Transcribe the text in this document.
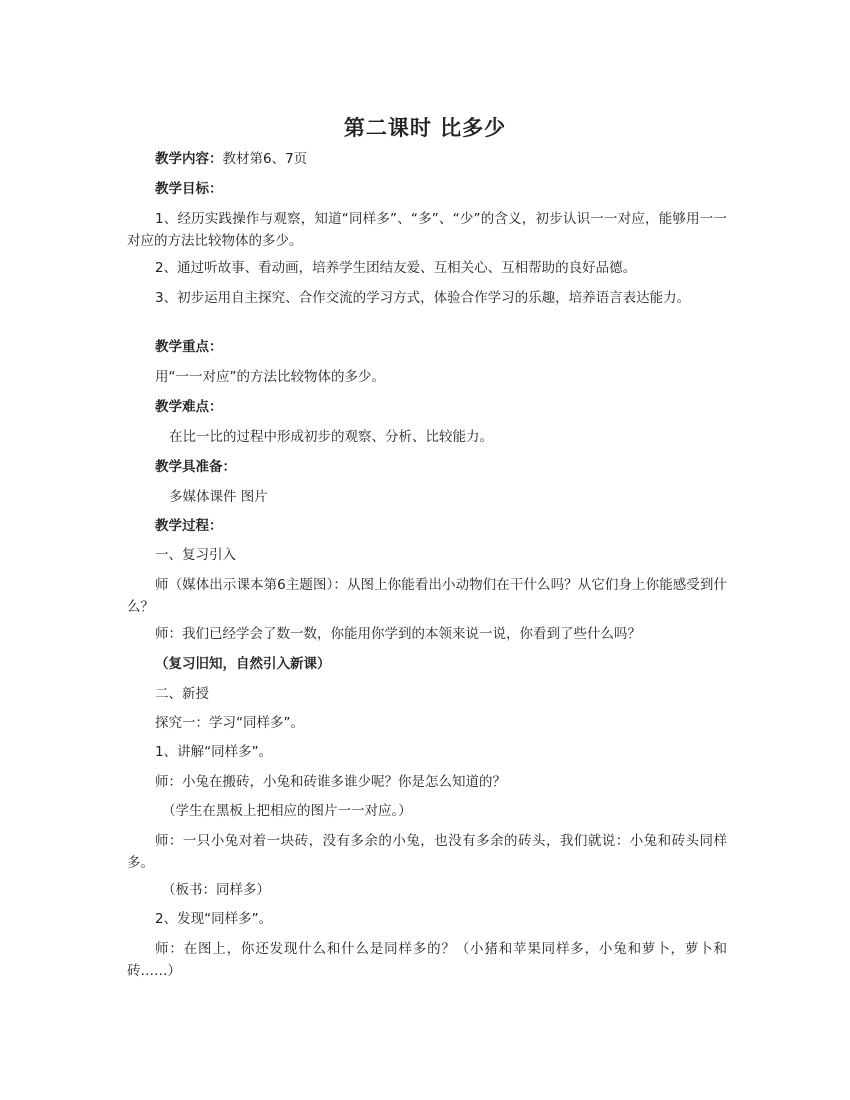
第二课时 比多少
教学内容：教材第6、7页
教学目标：
1、经历实践操作与观察，知道“同样多”、“多”、“少”的含义，初步认识一一对应，能够用一一对应的方法比较物体的多少。
2、通过听故事、看动画，培养学生团结友爱、互相关心、互相帮助的良好品德。
3、初步运用自主探究、合作交流的学习方式，体验合作学习的乐趣，培养语言表达能力。
教学重点：
用“一一对应”的方法比较物体的多少。
教学难点：
在比一比的过程中形成初步的观察、分析、比较能力。
教学具准备：
多媒体课件 图片
教学过程：
一、复习引入
师（媒体出示课本第6主题图）：从图上你能看出小动物们在干什么吗？从它们身上你能感受到什么？
师：我们已经学会了数一数，你能用你学到的本领来说一说，你看到了些什么吗？
（复习旧知，自然引入新课）
二、新授
探究一：学习“同样多”。
1、讲解“同样多”。
师：小兔在搬砖，小兔和砖谁多谁少呢？你是怎么知道的？
（学生在黑板上把相应的图片一一对应。）
师：一只小兔对着一块砖，没有多余的小兔，也没有多余的砖头，我们就说：小兔和砖头同样多。
（板书：同样多）
2、发现“同样多”。
师：在图上，你还发现什么和什么是同样多的？（小猪和苹果同样多，小兔和萝卜，萝卜和砖……）
